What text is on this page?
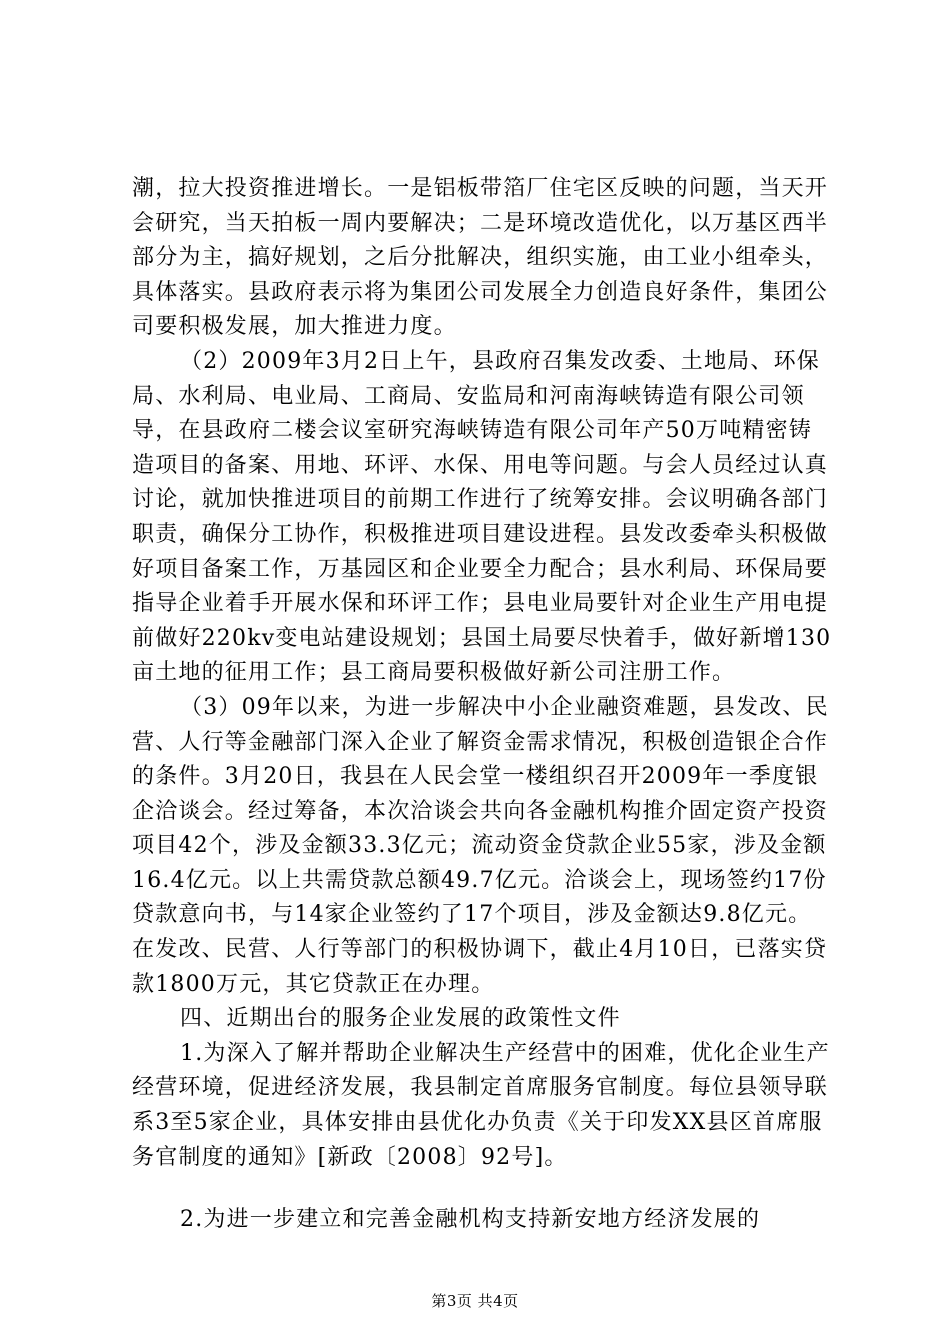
潮，拉大投资推进增长。一是铝板带箔厂住宅区反映的问题，当天开会研究，当天拍板一周内要解决；二是环境改造优化，以万基区西半部分为主，搞好规划，之后分批解决，组织实施，由工业小组牵头，具体落实。县政府表示将为集团公司发展全力创造良好条件，集团公司要积极发展，加大推进力度。

（2）2009年3月2日上午，县政府召集发改委、土地局、环保局、水利局、电业局、工商局、安监局和河南海峡铸造有限公司领导，在县政府二楼会议室研究海峡铸造有限公司年产50万吨精密铸造项目的备案、用地、环评、水保、用电等问题。与会人员经过认真讨论，就加快推进项目的前期工作进行了统筹安排。会议明确各部门职责，确保分工协作，积极推进项目建设进程。县发改委牵头积极做好项目备案工作，万基园区和企业要全力配合；县水利局、环保局要指导企业着手开展水保和环评工作；县电业局要针对企业生产用电提前做好220kv变电站建设规划；县国土局要尽快着手，做好新增130亩土地的征用工作；县工商局要积极做好新公司注册工作。

（3）09年以来，为进一步解决中小企业融资难题，县发改、民营、人行等金融部门深入企业了解资金需求情况，积极创造银企合作的条件。3月20日，我县在人民会堂一楼组织召开2009年一季度银企洽谈会。经过筹备，本次洽谈会共向各金融机构推介固定资产投资项目42个，涉及金额33.3亿元；流动资金贷款企业55家，涉及金额16.4亿元。以上共需贷款总额49.7亿元。洽谈会上，现场签约17份贷款意向书，与14家企业签约了17个项目，涉及金额达9.8亿元。在发改、民营、人行等部门的积极协调下，截止4月10日，已落实贷款1800万元，其它贷款正在办理。

四、近期出台的服务企业发展的政策性文件

1.为深入了解并帮助企业解决生产经营中的困难，优化企业生产经营环境，促进经济发展，我县制定首席服务官制度。每位县领导联系3至5家企业，具体安排由县优化办负责《关于印发XX县区首席服务官制度的通知》[新政〔2008〕92号]。

2.为进一步建立和完善金融机构支持新安地方经济发展的

第3页 共4页
